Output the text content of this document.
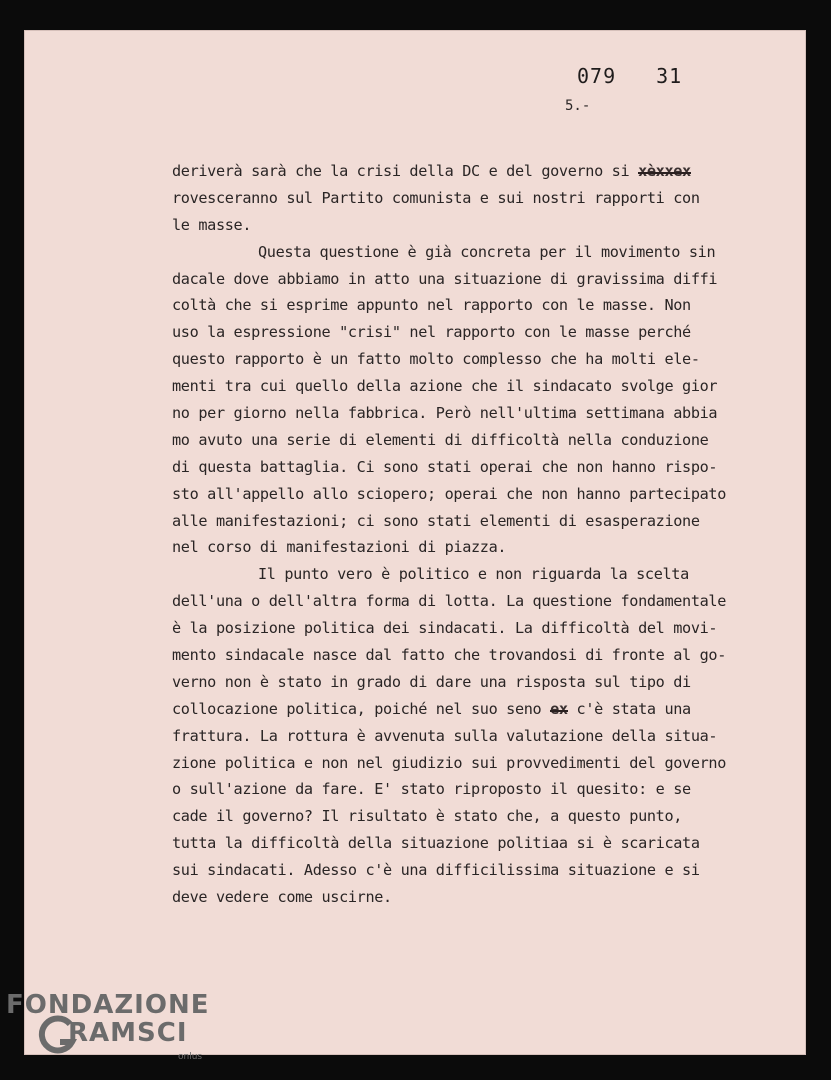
079 31
5.-
deriverà sarà che la crisi della DC e del governo si xèxxex
rovesceranno sul Partito comunista e sui nostri rapporti con
le masse.
Questa questione è già concreta per il movimento sin
dacale dove abbiamo in atto una situazione di gravissima diffi
coltà che si esprime appunto nel rapporto con le masse. Non
uso la espressione "crisi" nel rapporto con le masse perché
questo rapporto è un fatto molto complesso che ha molti ele-
menti tra cui quello della azione che il sindacato svolge gior
no per giorno nella fabbrica. Però nell'ultima settimana abbia
mo avuto una serie di elementi di difficoltà nella conduzione
di questa battaglia. Ci sono stati operai che non hanno rispo-
sto all'appello allo sciopero; operai che non hanno partecipato
alle manifestazioni; ci sono stati elementi di esasperazione
nel corso di manifestazioni di piazza.
Il punto vero è politico e non riguarda la scelta
dell'una o dell'altra forma di lotta. La questione fondamentale
è la posizione politica dei sindacati. La difficoltà del movi-
mento sindacale nasce dal fatto che trovandosi di fronte al go-
verno non è stato in grado di dare una risposta sul tipo di
collocazione politica, poiché nel suo seno ex c'è stata una
frattura. La rottura è avvenuta sulla valutazione della situa-
zione politica e non nel giudizio sui provvedimenti del governo
o sull'azione da fare. E' stato riproposto il quesito: e se
cade il governo? Il risultato è stato che, a questo punto,
tutta la difficoltà della situazione politiaa si è scaricata
sui sindacati. Adesso c'è una difficilissima situazione e si
deve vedere come uscirne.
FONDAZIONE
RAMSCI
onlus
